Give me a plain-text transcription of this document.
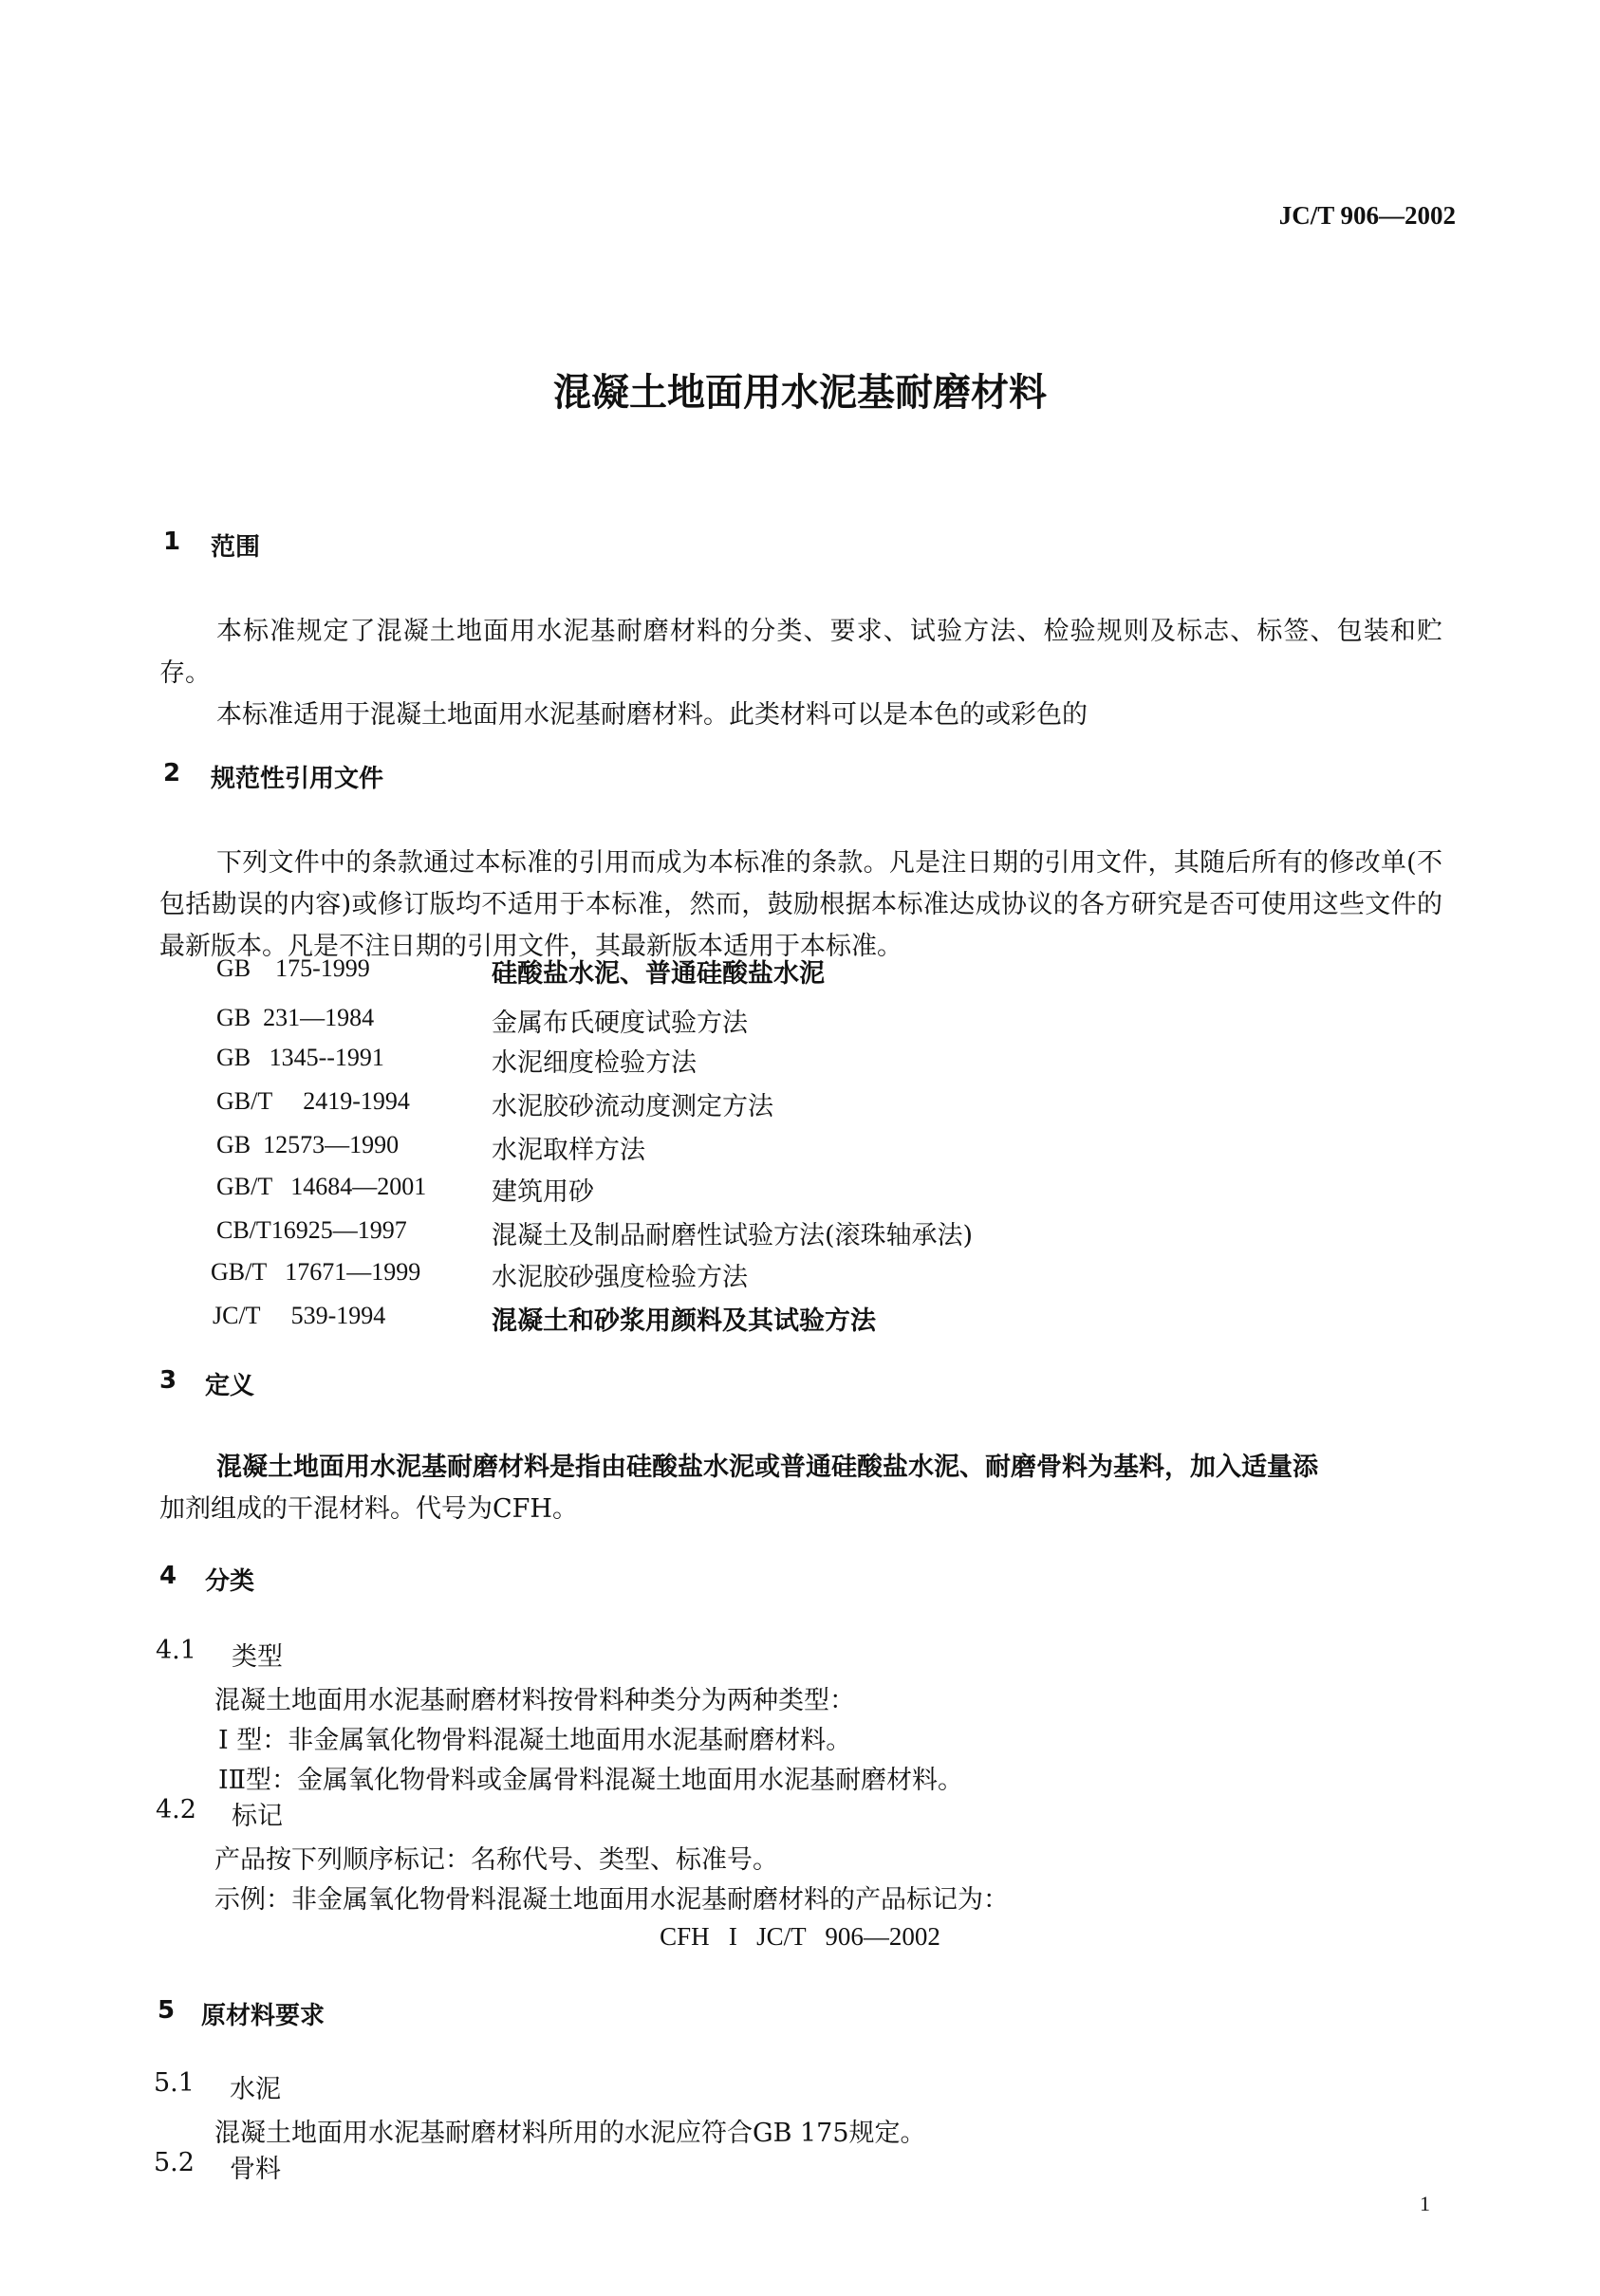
JC/T 906—2002
混凝土地面用水泥基耐磨材料
1 范围

本标准规定了混凝土地面用水泥基耐磨材料的分类、要求、试验方法、检验规则及标志、标签、包装和贮存。

本标准适用于混凝土地面用水泥基耐磨材料。此类材料可以是本色的或彩色的

2 规范性引用文件

下列文件中的条款通过本标准的引用而成为本标准的条款。凡是注日期的引用文件，其随后所有的修改单(不包括勘误的内容)或修订版均不适用于本标准，然而，鼓励根据本标准达成协议的各方研究是否可使用这些文件的最新版本。凡是不注日期的引用文件，其最新版本适用于本标准。

GB    175-1999	硅酸盐水泥、普通硅酸盐水泥
GB  231—1984	金属布氏硬度试验方法
GB   1345--1991	水泥细度检验方法
GB/T     2419-1994	水泥胶砂流动度测定方法
GB  12573—1990	水泥取样方法
GB/T   14684—2001	建筑用砂
CB/T16925—1997	混凝土及制品耐磨性试验方法(滚珠轴承法)
GB/T   17671—1999	水泥胶砂强度检验方法
JC/T     539-1994	混凝土和砂浆用颜料及其试验方法
3 定义
混凝土地面用水泥基耐磨材料是指由硅酸盐水泥或普通硅酸盐水泥、耐磨骨料为基料，加入适量添
加剂组成的干混材料。代号为CFH。
4 分类
4.1 类型
混凝土地面用水泥基耐磨材料按骨料种类分为两种类型：
Ⅰ 型：非金属氧化物骨料混凝土地面用水泥基耐磨材料。
ⅠⅡ型：金属氧化物骨料或金属骨料混凝土地面用水泥基耐磨材料。
4.2 标记
产品按下列顺序标记：名称代号、类型、标准号。
示例：非金属氧化物骨料混凝土地面用水泥基耐磨材料的产品标记为：
CFH   I   JC/T   906—2002
5 原材料要求
5.1 水泥
混凝土地面用水泥基耐磨材料所用的水泥应符合GB 175规定。
5.2 骨料
1
